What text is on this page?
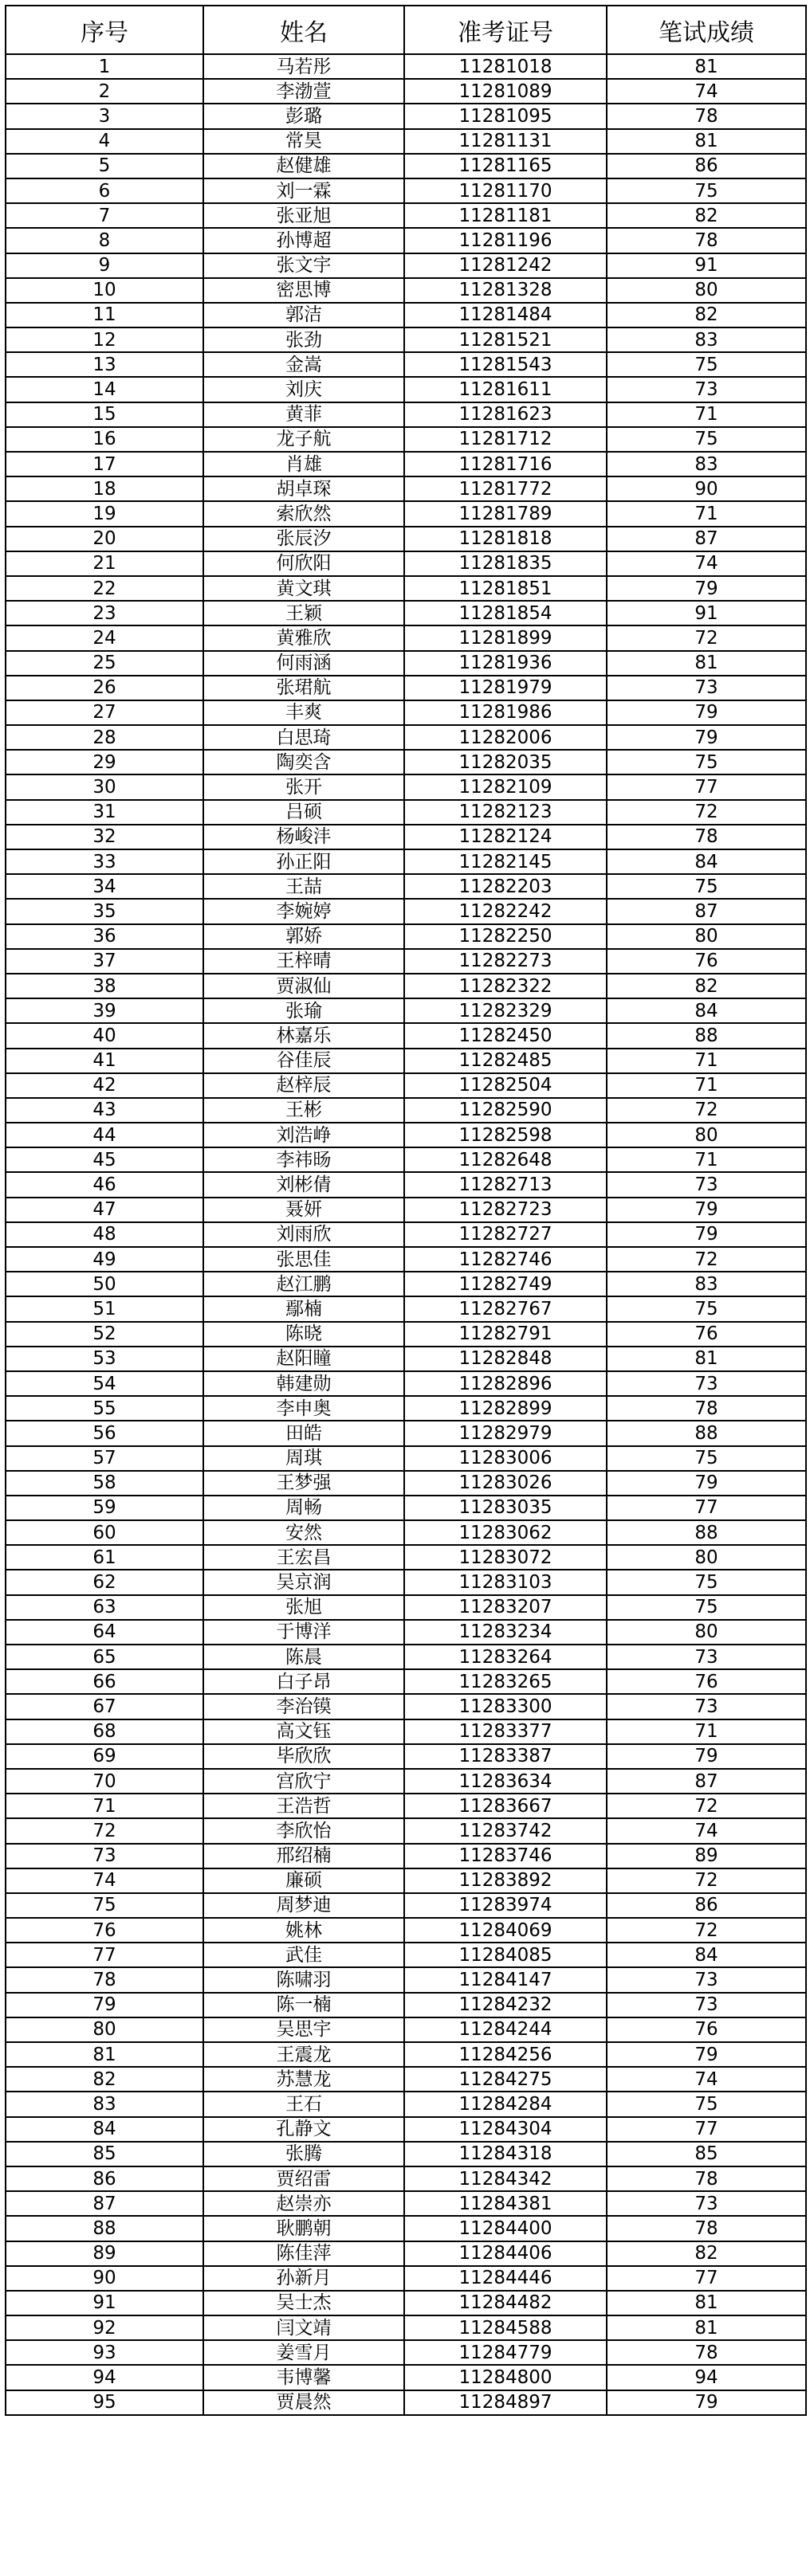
序号	姓名	准考证号	笔试成绩
1	马若彤	11281018	81
2	李渤萱	11281089	74
3	彭璐	11281095	78
4	常昊	11281131	81
5	赵健雄	11281165	86
6	刘一霖	11281170	75
7	张亚旭	11281181	82
8	孙博超	11281196	78
9	张文宇	11281242	91
10	密思博	11281328	80
11	郭洁	11281484	82
12	张劲	11281521	83
13	金嵩	11281543	75
14	刘庆	11281611	73
15	黄菲	11281623	71
16	龙子航	11281712	75
17	肖雄	11281716	83
18	胡卓琛	11281772	90
19	索欣然	11281789	71
20	张辰汐	11281818	87
21	何欣阳	11281835	74
22	黄文琪	11281851	79
23	王颖	11281854	91
24	黄雅欣	11281899	72
25	何雨涵	11281936	81
26	张珺航	11281979	73
27	丰爽	11281986	79
28	白思琦	11282006	79
29	陶奕含	11282035	75
30	张开	11282109	77
31	吕硕	11282123	72
32	杨峻沣	11282124	78
33	孙正阳	11282145	84
34	王喆	11282203	75
35	李婉婷	11282242	87
36	郭娇	11282250	80
37	王梓晴	11282273	76
38	贾淑仙	11282322	82
39	张瑜	11282329	84
40	林嘉乐	11282450	88
41	谷佳辰	11282485	71
42	赵梓辰	11282504	71
43	王彬	11282590	72
44	刘浩峥	11282598	80
45	李祎旸	11282648	71
46	刘彬倩	11282713	73
47	聂妍	11282723	79
48	刘雨欣	11282727	79
49	张思佳	11282746	72
50	赵江鹏	11282749	83
51	鄢楠	11282767	75
52	陈晓	11282791	76
53	赵阳瞳	11282848	81
54	韩建勋	11282896	73
55	李申奥	11282899	78
56	田皓	11282979	88
57	周琪	11283006	75
58	王梦强	11283026	79
59	周畅	11283035	77
60	安然	11283062	88
61	王宏昌	11283072	80
62	吴京润	11283103	75
63	张旭	11283207	75
64	于博洋	11283234	80
65	陈晨	11283264	73
66	白子昂	11283265	76
67	李治镆	11283300	73
68	高文钰	11283377	71
69	毕欣欣	11283387	79
70	宫欣宁	11283634	87
71	王浩哲	11283667	72
72	李欣怡	11283742	74
73	邢绍楠	11283746	89
74	廉硕	11283892	72
75	周梦迪	11283974	86
76	姚林	11284069	72
77	武佳	11284085	84
78	陈啸羽	11284147	73
79	陈一楠	11284232	73
80	吴思宇	11284244	76
81	王震龙	11284256	79
82	苏慧龙	11284275	74
83	王石	11284284	75
84	孔静文	11284304	77
85	张腾	11284318	85
86	贾绍雷	11284342	78
87	赵崇亦	11284381	73
88	耿鹏朝	11284400	78
89	陈佳萍	11284406	82
90	孙新月	11284446	77
91	吴士杰	11284482	81
92	闫文靖	11284588	81
93	姜雪月	11284779	78
94	韦博馨	11284800	94
95	贾晨然	11284897	79
